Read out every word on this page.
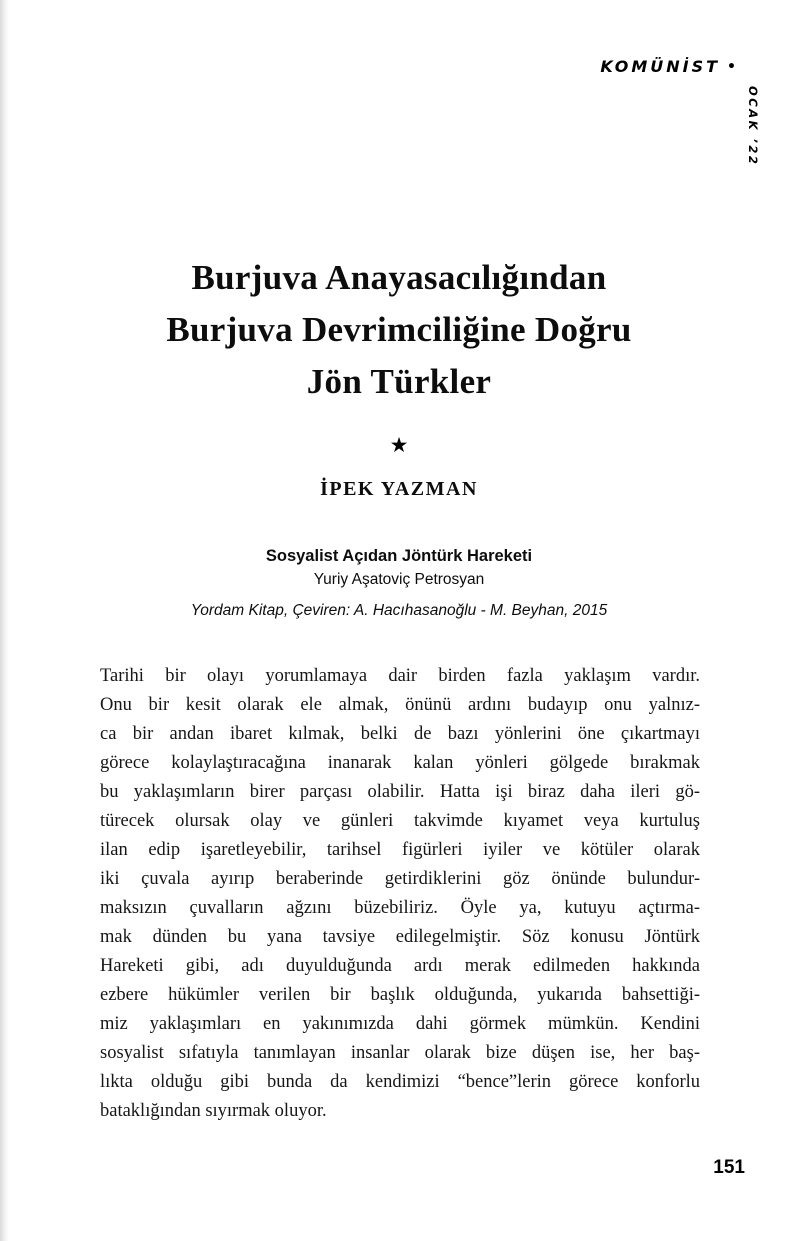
KOMÜNİST •
OCAK ’22
Burjuva Anayasacılığından
Burjuva Devrimciliğine Doğru
Jön Türkler
★
İPEK YAZMAN
Sosyalist Açıdan Jöntürk Hareketi
Yuriy Aşatoviç Petrosyan
Yordam Kitap, Çeviren: A. Hacıhasanoğlu - M. Beyhan, 2015
Tarihi bir olayı yorumlamaya dair birden fazla yaklaşım vardır.
Onu bir kesit olarak ele almak, önünü ardını budayıp onu yalnız-
ca bir andan ibaret kılmak, belki de bazı yönlerini öne çıkartmayı
görece kolaylaştıracağına inanarak kalan yönleri gölgede bırakmak
bu yaklaşımların birer parçası olabilir. Hatta işi biraz daha ileri gö-
türecek olursak olay ve günleri takvimde kıyamet veya kurtuluş
ilan edip işaretleyebilir, tarihsel figürleri iyiler ve kötüler olarak
iki çuvala ayırıp beraberinde getirdiklerini göz önünde bulundur-
maksızın çuvalların ağzını büzebiliriz. Öyle ya, kutuyu açtırma-
mak dünden bu yana tavsiye edilegelmiştir. Söz konusu Jöntürk
Hareketi gibi, adı duyulduğunda ardı merak edilmeden hakkında
ezbere hükümler verilen bir başlık olduğunda, yukarıda bahsettiği-
miz yaklaşımları en yakınımızda dahi görmek mümkün. Kendini
sosyalist sıfatıyla tanımlayan insanlar olarak bize düşen ise, her baş-
lıkta olduğu gibi bunda da kendimizi “bence”lerin görece konforlu
bataklığından sıyırmak oluyor.
151
